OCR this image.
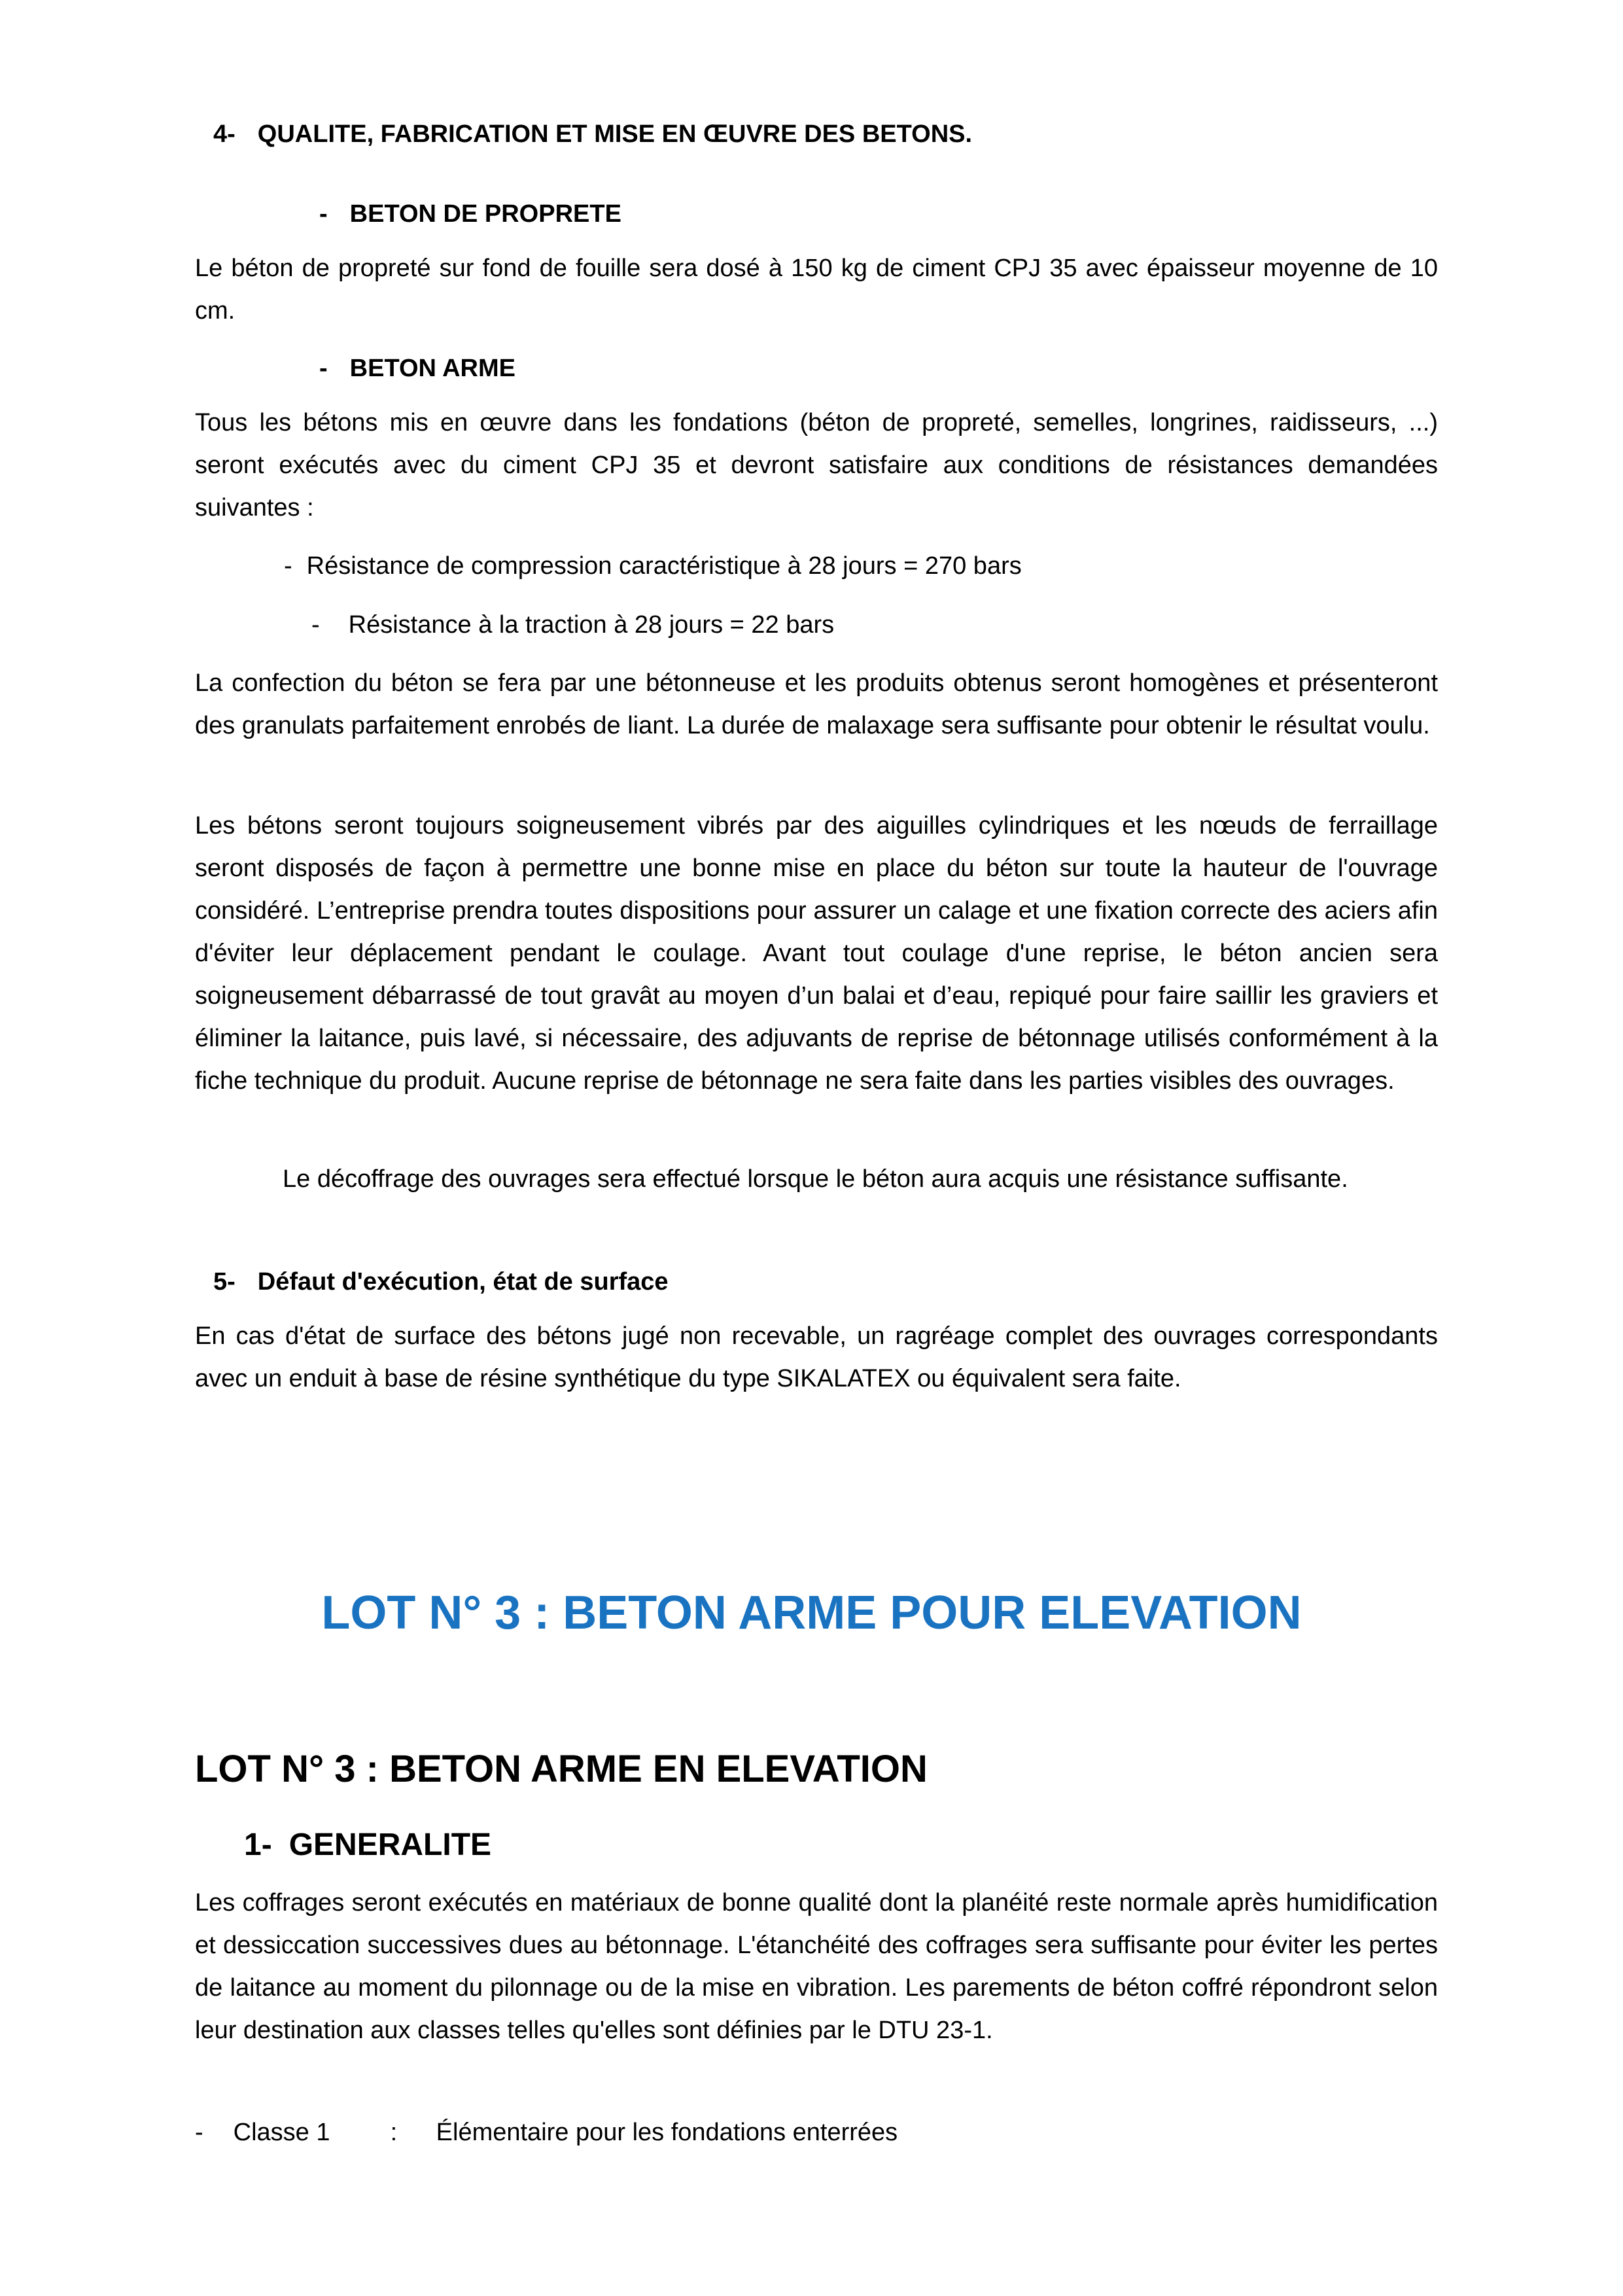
4- QUALITE, FABRICATION ET MISE EN ŒUVRE DES BETONS.
- BETON DE PROPRETE

Le béton de propreté sur fond de fouille sera dosé à 150 kg de ciment CPJ 35 avec épaisseur moyenne de 10 cm.

- BETON ARME

Tous les bétons mis en œuvre dans les fondations (béton de propreté, semelles, longrines, raidisseurs, ...) seront exécutés avec du ciment CPJ 35 et devront satisfaire aux conditions de résistances demandées suivantes :

- Résistance de compression caractéristique à 28 jours = 270 bars
- Résistance à la traction à 28 jours = 22 bars

La confection du béton se fera par une bétonneuse et les produits obtenus seront homogènes et présenteront des granulats parfaitement enrobés de liant. La durée de malaxage sera suffisante pour obtenir le résultat voulu.

Les bétons seront toujours soigneusement vibrés par des aiguilles cylindriques et les nœuds de ferraillage seront disposés de façon à permettre une bonne mise en place du béton sur toute la hauteur de l'ouvrage considéré. L’entreprise prendra toutes dispositions pour assurer un calage et une fixation correcte des aciers afin d'éviter leur déplacement pendant le coulage. Avant tout coulage d'une reprise, le béton ancien sera soigneusement débarrassé de tout gravât au moyen d’un balai et d’eau, repiqué pour faire saillir les graviers et éliminer la laitance, puis lavé, si nécessaire, des adjuvants de reprise de bétonnage utilisés conformément à la fiche technique du produit. Aucune reprise de bétonnage ne sera faite dans les parties visibles des ouvrages.

Le décoffrage des ouvrages sera effectué lorsque le béton aura acquis une résistance suffisante.

5- Défaut d'exécution, état de surface

En cas d'état de surface des bétons jugé non recevable, un ragréage complet des ouvrages correspondants avec un enduit à base de résine synthétique du type SIKALATEX ou équivalent sera faite.

LOT N° 3 : BETON ARME POUR ELEVATION
LOT N° 3 : BETON ARME EN ELEVATION
1- GENERALITE

Les coffrages seront exécutés en matériaux de bonne qualité dont la planéité reste normale après humidification et dessiccation successives dues au bétonnage. L'étanchéité des coffrages sera suffisante pour éviter les pertes de laitance au moment du pilonnage ou de la mise en vibration. Les parements de béton coffré répondront selon leur destination aux classes telles qu'elles sont définies par le DTU 23-1.

- Classe 1 : Élémentaire pour les fondations enterrées
